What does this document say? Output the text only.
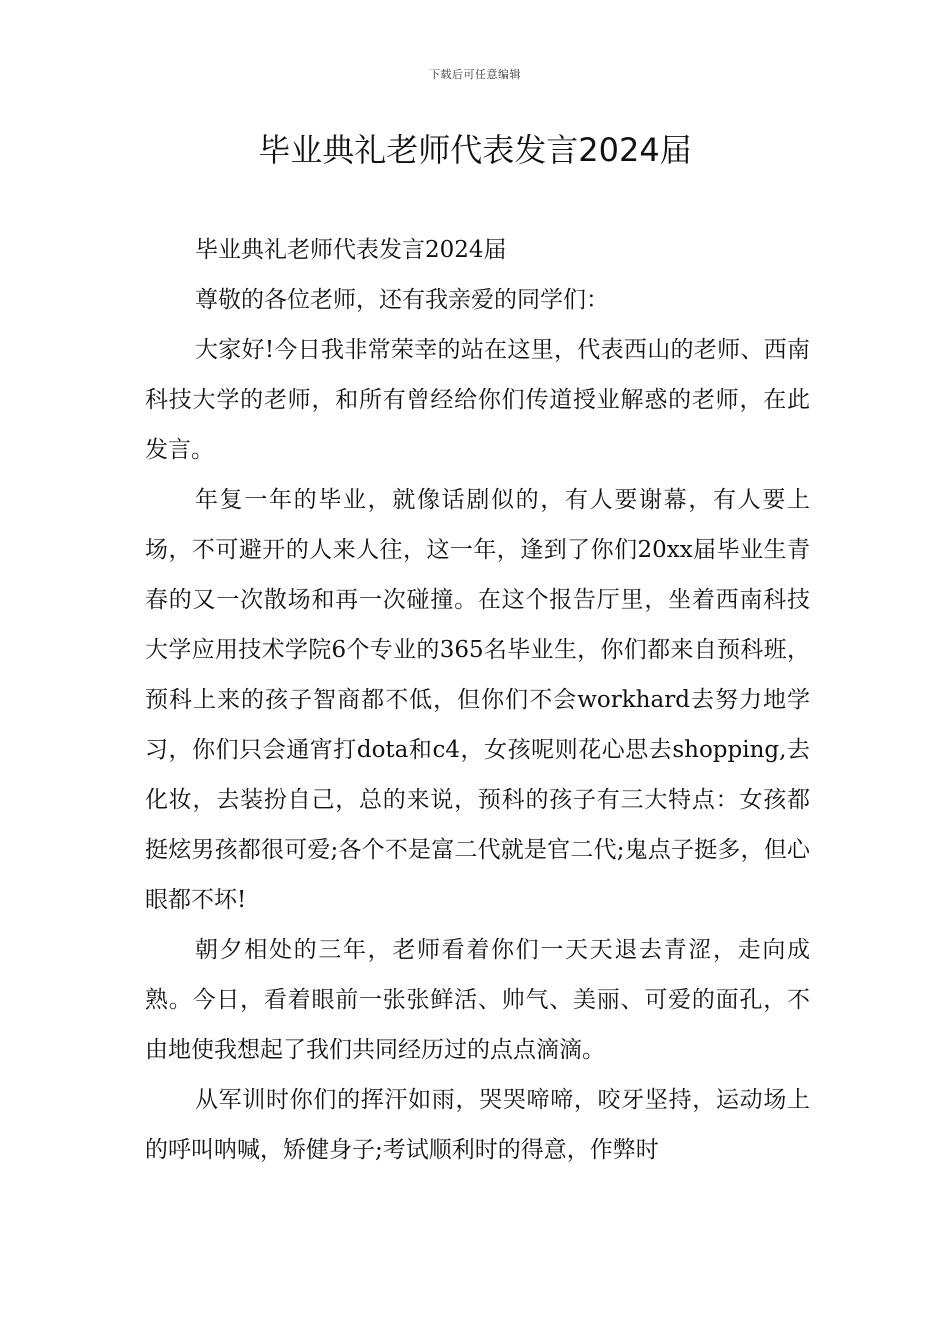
下载后可任意编辑
毕业典礼老师代表发言2024届

毕业典礼老师代表发言2024届

尊敬的各位老师，还有我亲爱的同学们：

大家好!今日我非常荣幸的站在这里，代表西山的老师、西南科技大学的老师，和所有曾经给你们传道授业解惑的老师，在此发言。

年复一年的毕业，就像话剧似的，有人要谢幕，有人要上场，不可避开的人来人往，这一年，逢到了你们20xx届毕业生青春的又一次散场和再一次碰撞。在这个报告厅里，坐着西南科技大学应用技术学院6个专业的365名毕业生，你们都来自预科班，预科上来的孩子智商都不低，但你们不会workhard去努力地学习，你们只会通宵打dota和c4，女孩呢则花心思去shopping,去化妆，去装扮自己，总的来说，预科的孩子有三大特点：女孩都挺炫男孩都很可爱;各个不是富二代就是官二代;鬼点子挺多，但心眼都不坏!

朝夕相处的三年，老师看着你们一天天退去青涩，走向成熟。今日，看着眼前一张张鲜活、帅气、美丽、可爱的面孔，不由地使我想起了我们共同经历过的点点滴滴。

从军训时你们的挥汗如雨，哭哭啼啼，咬牙坚持，运动场上的呼叫呐喊，矫健身子;考试顺利时的得意，作弊时
